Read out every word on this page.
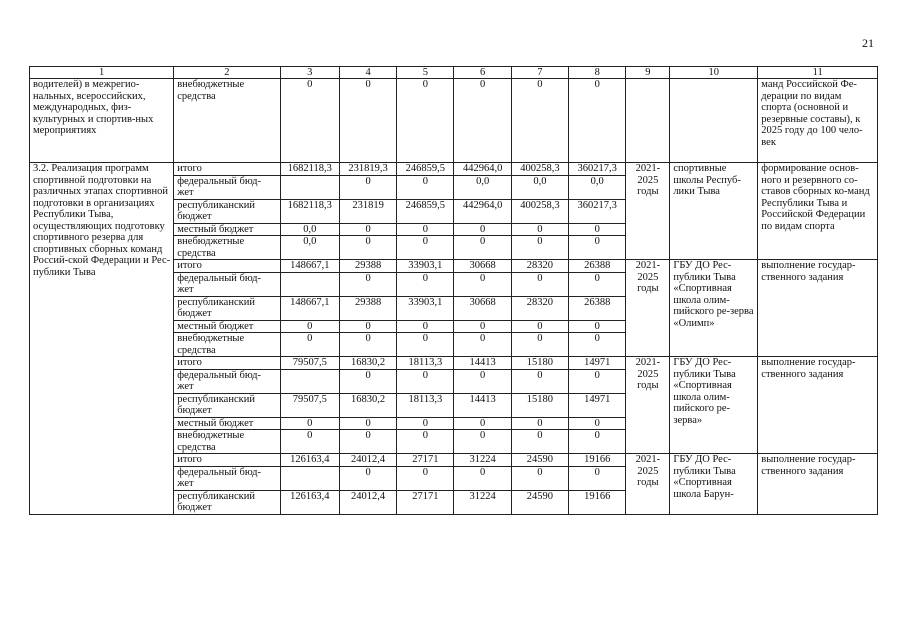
21
1	2	3	4	5	6	7	8	9	10	11
водителей) в межрегио-нальных, всероссийских, международных, физ-культурных и спортив-ных мероприятиях	внебюджетные средства	0	0	0	0	0	0			манд Российской Фе-дерации по видам спорта (основной и резервные составы), к 2025 году до 100 чело-век
3.2. Реализация программ спортивной подготовки на различных этапах спортивной подготовки в организациях Республики Тыва, осуществляющих подготовку спортивного резерва для спортивных сборных команд Россий-ской Федерации и Рес-публики Тывa	итого	1682118,3	231819,3	246859,5	442964,0	400258,3	360217,3	2021-2025 годы	спортивные школы Респуб-лики Тыва	формирование основ-ного и резервного со-ставов сборных ко-манд Республики Тыва и Российской Федерации по видам спорта
	федеральный бюд-жет		0	0	0,0	0,0	0,0			
	республиканский бюджет	1682118,3	231819	246859,5	442964,0	400258,3	360217,3			
	местный бюджет	0,0	0	0	0	0	0			
	внебюджетные средства	0,0	0	0	0	0	0			
	итого	148667,1	29388	33903,1	30668	28320	26388	2021-2025 годы	ГБУ ДО Рес-публики Тыва «Спортивная школа олим-пийского ре-зерва «Олимп»	выполнение государ-ственного задания
	федеральный бюд-жет		0	0	0	0	0			
	республиканский бюджет	148667,1	29388	33903,1	30668	28320	26388			
	местный бюджет	0	0	0	0	0	0			
	внебюджетные средства	0	0	0	0	0	0			
	итого	79507,5	16830,2	18113,3	14413	15180	14971	2021-2025 годы	ГБУ ДО Рес-публики Тыва «Спортивная школа олим-пийского ре-зерва»	выполнение государ-ственного задания
	федеральный бюд-жет		0	0	0	0	0			
	республиканский бюджет	79507,5	16830,2	18113,3	14413	15180	14971			
	местный бюджет	0	0	0	0	0	0			
	внебюджетные средства	0	0	0	0	0	0			
	итого	126163,4	24012,4	27171	31224	24590	19166	2021-2025 годы	ГБУ ДО Рес-публики Тыва «Спортивная школа Барун-	выполнение государ-ственного задания
	федеральный бюд-жет		0	0	0	0	0			
	республиканский бюджет	126163,4	24012,4	27171	31224	24590	19166			
